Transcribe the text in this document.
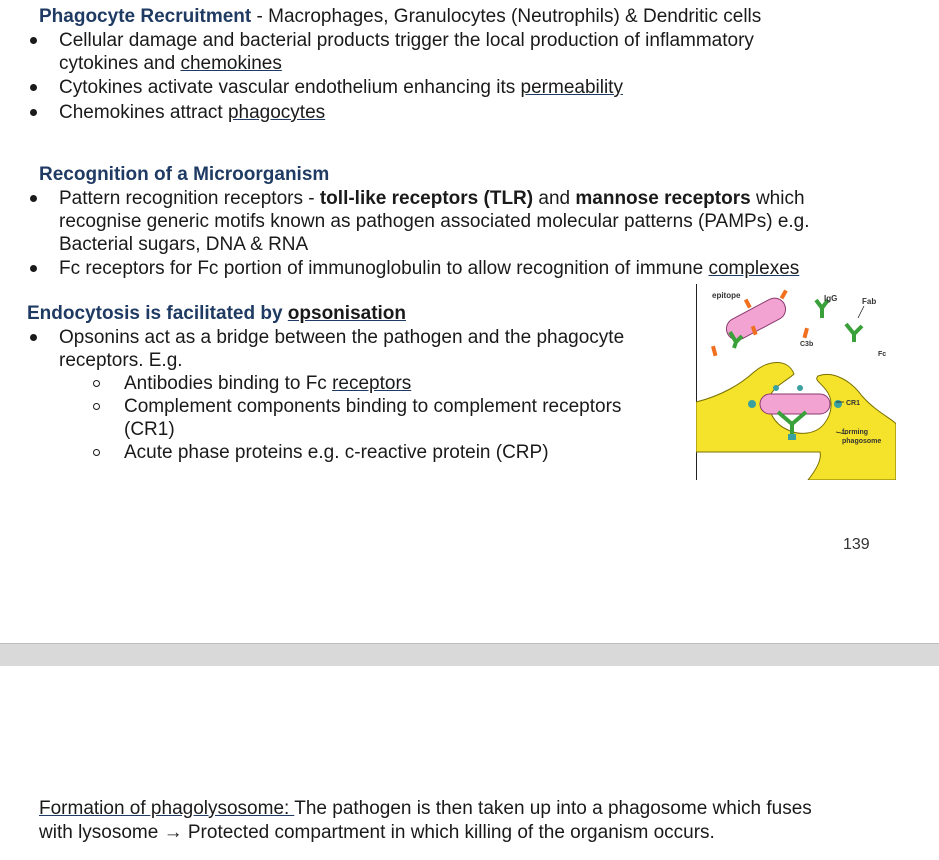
Phagocyte Recruitment - Macrophages, Granulocytes (Neutrophils) & Dendritic cells
Cellular damage and bacterial products trigger the local production of inflammatory
cytokines and chemokines
Cytokines activate vascular endothelium enhancing its permeability
Chemokines attract phagocytes
Recognition of a Microorganism
Pattern recognition receptors - toll-like receptors (TLR) and mannose receptors which
recognise generic motifs known as pathogen associated molecular patterns (PAMPs) e.g.
Bacterial sugars, DNA & RNA
Fc receptors for Fc portion of immunoglobulin to allow recognition of immune complexes
Endocytosis is facilitated by opsonisation
Opsonins act as a bridge between the pathogen and the phagocyte
receptors. E.g.
Antibodies binding to Fc receptors
Complement components binding to complement receptors
(CR1)
Acute phase proteins e.g. c-reactive protein (CRP)
epitope	IgG	Fab
C3b
Fc
CR1
forming
phagosome
139
Formation of phagolysosome: The pathogen is then taken up into a phagosome which fuses
with lysosome → Protected compartment in which killing of the organism occurs.
